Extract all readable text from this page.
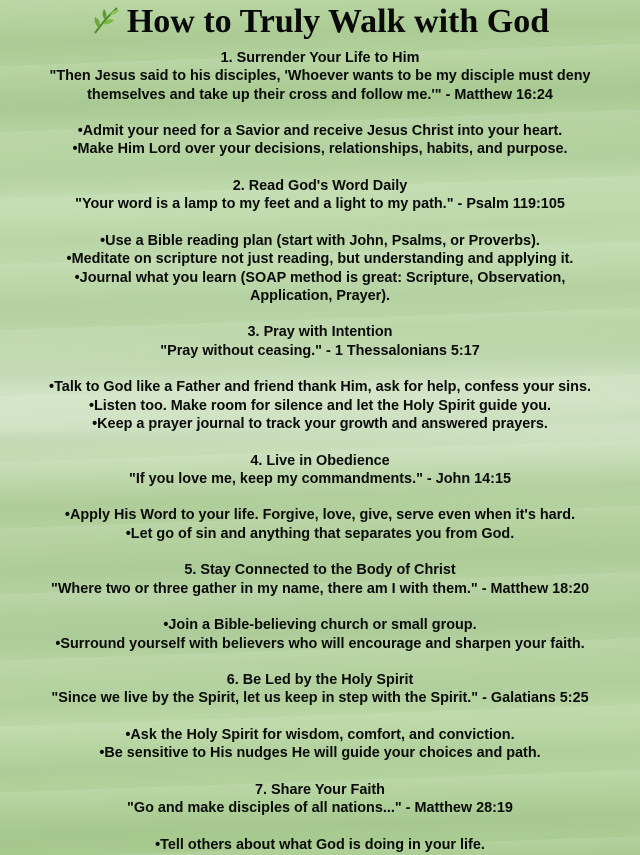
How to Truly Walk with God
1. Surrender Your Life to Him
"Then Jesus said to his disciples, 'Whoever wants to be my disciple must deny
themselves and take up their cross and follow me.'" - Matthew 16:24
•Admit your need for a Savior and receive Jesus Christ into your heart.
•Make Him Lord over your decisions, relationships, habits, and purpose.
2. Read God's Word Daily
"Your word is a lamp to my feet and a light to my path." - Psalm 119:105
•Use a Bible reading plan (start with John, Psalms, or Proverbs).
•Meditate on scripture not just reading, but understanding and applying it.
•Journal what you learn (SOAP method is great: Scripture, Observation,
Application, Prayer).
3. Pray with Intention
"Pray without ceasing." - 1 Thessalonians 5:17
•Talk to God like a Father and friend thank Him, ask for help, confess your sins.
•Listen too. Make room for silence and let the Holy Spirit guide you.
•Keep a prayer journal to track your growth and answered prayers.
4. Live in Obedience
"If you love me, keep my commandments." - John 14:15
•Apply His Word to your life. Forgive, love, give, serve even when it's hard.
•Let go of sin and anything that separates you from God.
5. Stay Connected to the Body of Christ
"Where two or three gather in my name, there am I with them." - Matthew 18:20
•Join a Bible-believing church or small group.
•Surround yourself with believers who will encourage and sharpen your faith.
6. Be Led by the Holy Spirit
"Since we live by the Spirit, let us keep in step with the Spirit." - Galatians 5:25
•Ask the Holy Spirit for wisdom, comfort, and conviction.
•Be sensitive to His nudges He will guide your choices and path.
7. Share Your Faith
"Go and make disciples of all nations..." - Matthew 28:19
•Tell others about what God is doing in your life.
